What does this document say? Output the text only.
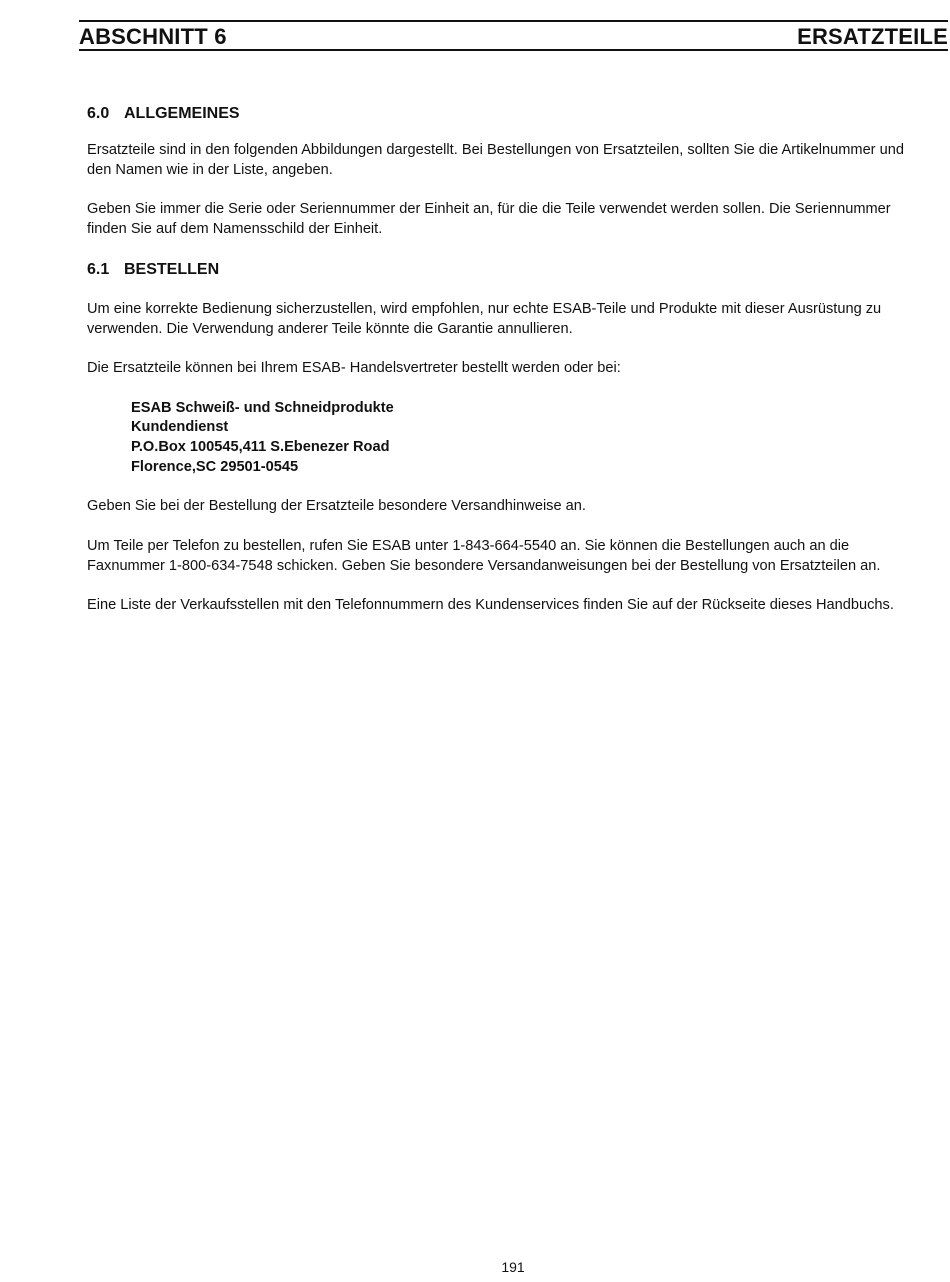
ABSCHNITT 6	ERSATZTEILE
6.0 ALLGEMEINES

Ersatzteile sind in den folgenden Abbildungen dargestellt. Bei Bestellungen von Ersatzteilen, sollten Sie die Artikelnummer und den Namen wie in der Liste, angeben.

Geben Sie immer die Serie oder Seriennummer der Einheit an, für die die Teile verwendet werden sollen. Die Seriennummer finden Sie auf dem Namensschild der Einheit.

6.1 BESTELLEN

Um eine korrekte Bedienung sicherzustellen, wird empfohlen, nur echte ESAB-Teile und Produkte mit dieser Ausrüstung zu verwenden. Die Verwendung anderer Teile könnte die Garantie annullieren.

Die Ersatzteile können bei Ihrem ESAB- Handelsvertreter bestellt werden oder bei:

ESAB Schweiß- und Schneidprodukte
Kundendienst
P.O.Box 100545,411 S.Ebenezer Road
Florence,SC 29501-0545

Geben Sie bei der Bestellung der Ersatzteile besondere Versandhinweise an.

Um Teile per Telefon zu bestellen, rufen Sie ESAB unter 1-843-664-5540 an. Sie können die Bestellungen auch an die Faxnummer 1-800-634-7548 schicken. Geben Sie besondere Versandanweisungen bei der Bestellung von Ersatzteilen an.

Eine Liste der Verkaufsstellen mit den Telefonnummern des Kundenservices finden Sie auf der Rückseite dieses Handbuchs.

191
